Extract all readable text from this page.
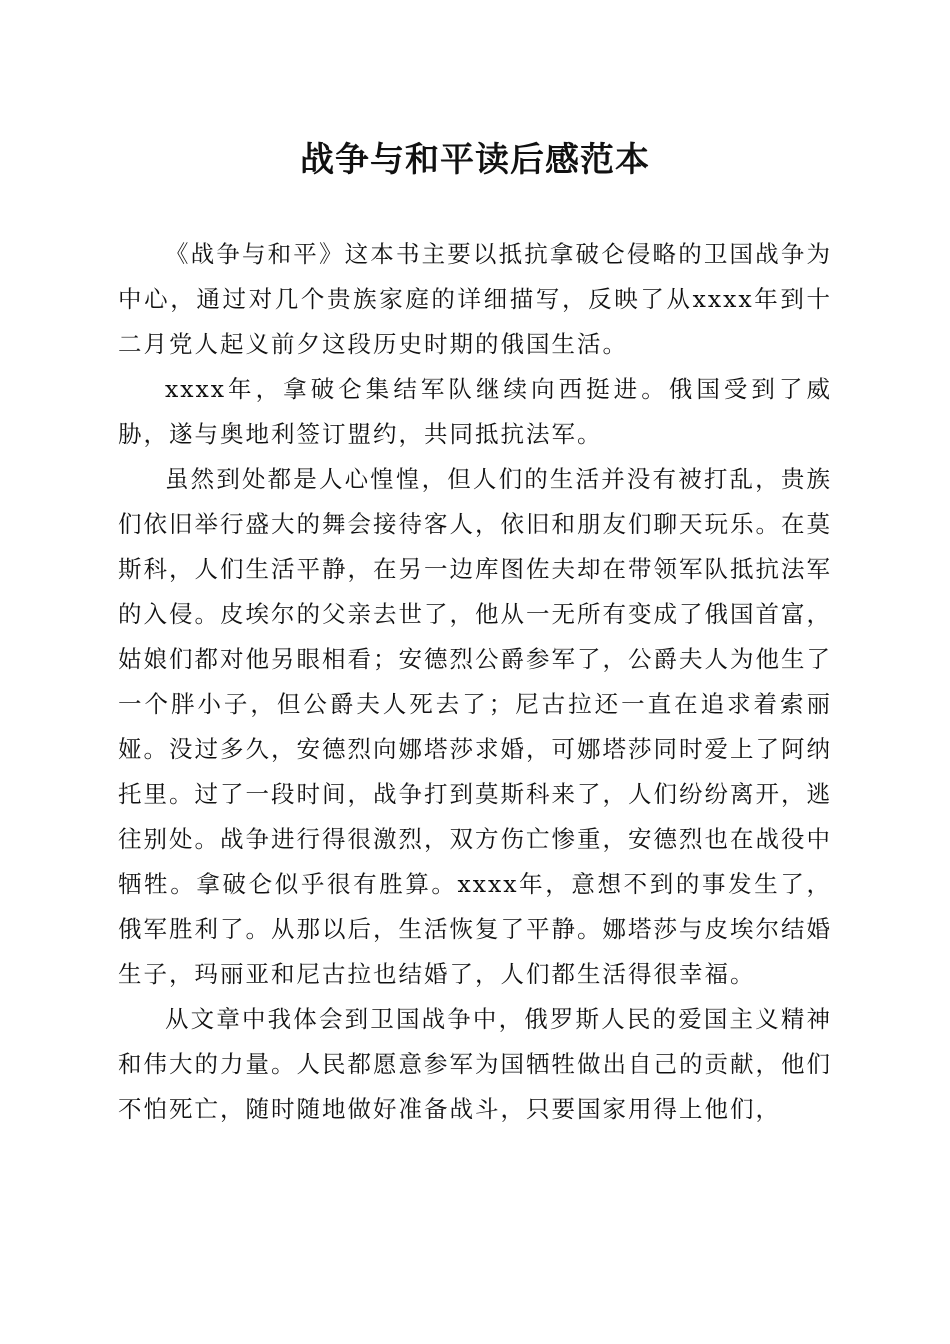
战争与和平读后感范本

《战争与和平》这本书主要以抵抗拿破仑侵略的卫国战争为中心，通过对几个贵族家庭的详细描写，反映了从xxxx年到十二月党人起义前夕这段历史时期的俄国生活。

xxxx年，拿破仑集结军队继续向西挺进。俄国受到了威胁，遂与奥地利签订盟约，共同抵抗法军。

虽然到处都是人心惶惶，但人们的生活并没有被打乱，贵族们依旧举行盛大的舞会接待客人，依旧和朋友们聊天玩乐。在莫斯科，人们生活平静，在另一边库图佐夫却在带领军队抵抗法军的入侵。皮埃尔的父亲去世了，他从一无所有变成了俄国首富，姑娘们都对他另眼相看；安德烈公爵参军了，公爵夫人为他生了一个胖小子，但公爵夫人死去了；尼古拉还一直在追求着索丽娅。没过多久，安德烈向娜塔莎求婚，可娜塔莎同时爱上了阿纳托里。过了一段时间，战争打到莫斯科来了，人们纷纷离开，逃往别处。战争进行得很激烈，双方伤亡惨重，安德烈也在战役中牺牲。拿破仑似乎很有胜算。xxxx年，意想不到的事发生了，俄军胜利了。从那以后，生活恢复了平静。娜塔莎与皮埃尔结婚生子，玛丽亚和尼古拉也结婚了，人们都生活得很幸福。

从文章中我体会到卫国战争中，俄罗斯人民的爱国主义精神和伟大的力量。人民都愿意参军为国牺牲做出自己的贡献，他们不怕死亡，随时随地做好准备战斗，只要国家用得上他们，
